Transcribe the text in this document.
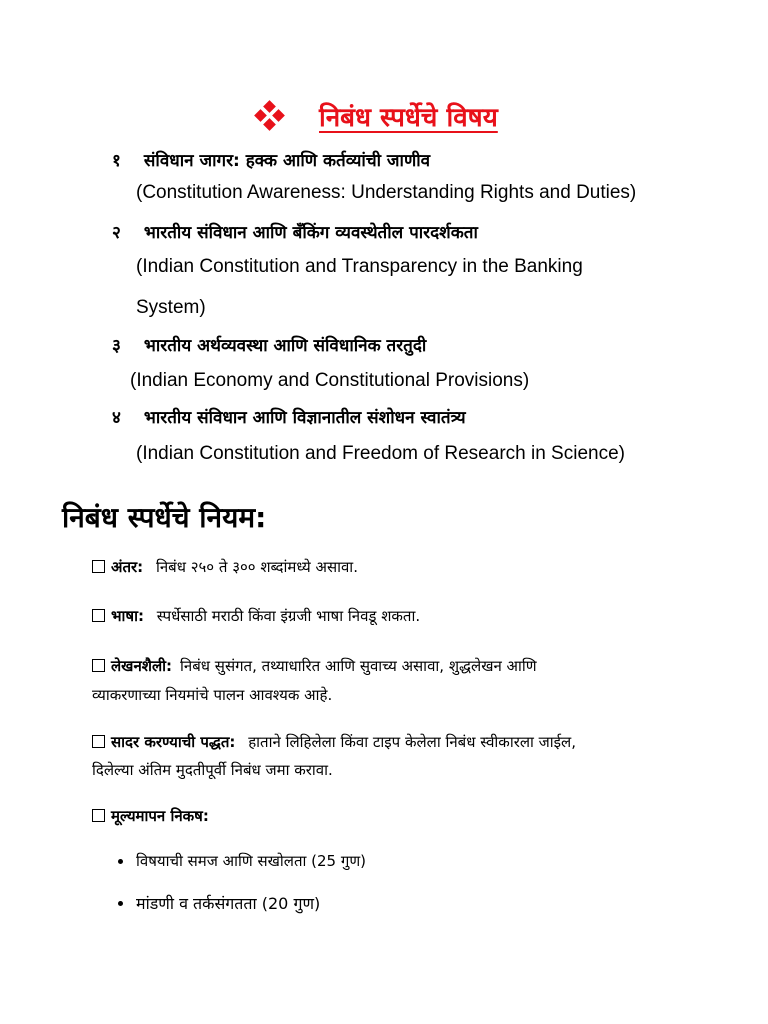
निबंध स्पर्धेचे विषय
१ संविधान जागर: हक्क आणि कर्तव्यांची जाणीव
(Constitution Awareness: Understanding Rights and Duties)
२ भारतीय संविधान आणि बँकिंग व्यवस्थेतील पारदर्शकता
(Indian Constitution and Transparency in the Banking
System)
३ भारतीय अर्थव्यवस्था आणि संविधानिक तरतुदी
(Indian Economy and Constitutional Provisions)
४ भारतीय संविधान आणि विज्ञानातील संशोधन स्वातंत्र्य
(Indian Constitution and Freedom of Research in Science)
निबंध स्पर्धेचे नियम:
अंतर: निबंध २५० ते ३०० शब्दांमध्ये असावा.
भाषा: स्पर्धेसाठी मराठी किंवा इंग्रजी भाषा निवडू शकता.
लेखनशैली: निबंध सुसंगत, तथ्याधारित आणि सुवाच्य असावा, शुद्धलेखन आणि
व्याकरणाच्या नियमांचे पालन आवश्यक आहे.
सादर करण्याची पद्धत: हाताने लिहिलेला किंवा टाइप केलेला निबंध स्वीकारला जाईल,
दिलेल्या अंतिम मुदतीपूर्वी निबंध जमा करावा.
मूल्यमापन निकष:
विषयाची समज आणि सखोलता (25 गुण)
मांडणी व तर्कसंगतता (20 गुण)
